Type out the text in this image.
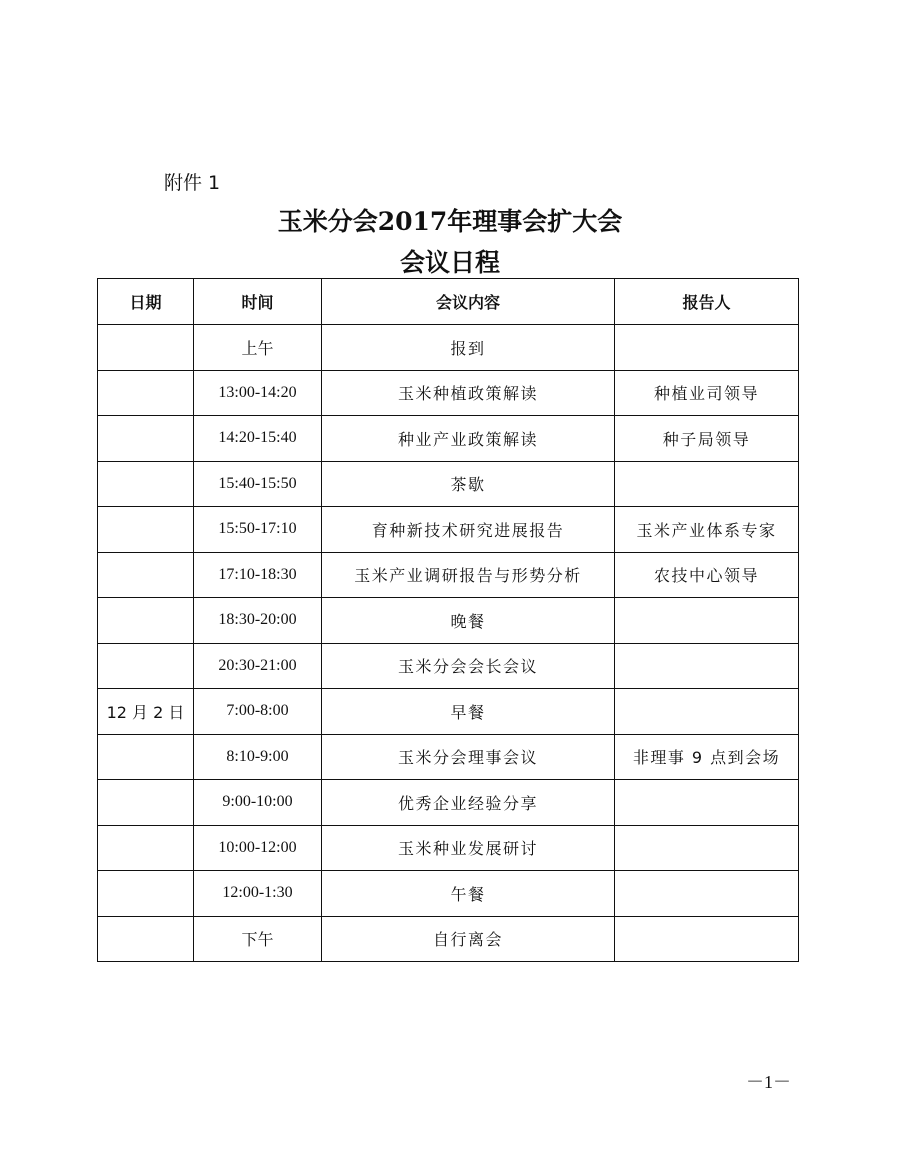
附件 1
玉米分会2017年理事会扩大会
会议日程
日期	时间	会议内容	报告人
	上午	报到	
	13:00-14:20	玉米种植政策解读	种植业司领导
	14:20-15:40	种业产业政策解读	种子局领导
	15:40-15:50	茶歇	
	15:50-17:10	育种新技术研究进展报告	玉米产业体系专家
	17:10-18:30	玉米产业调研报告与形势分析	农技中心领导
	18:30-20:00	晚餐	
	20:30-21:00	玉米分会会长会议	
12 月 2 日	7:00-8:00	早餐	
	8:10-9:00	玉米分会理事会议	非理事 9 点到会场
	9:00-10:00	优秀企业经验分享	
	10:00-12:00	玉米种业发展研讨	
	12:00-1:30	午餐	
	下午	自行离会	
－1－
